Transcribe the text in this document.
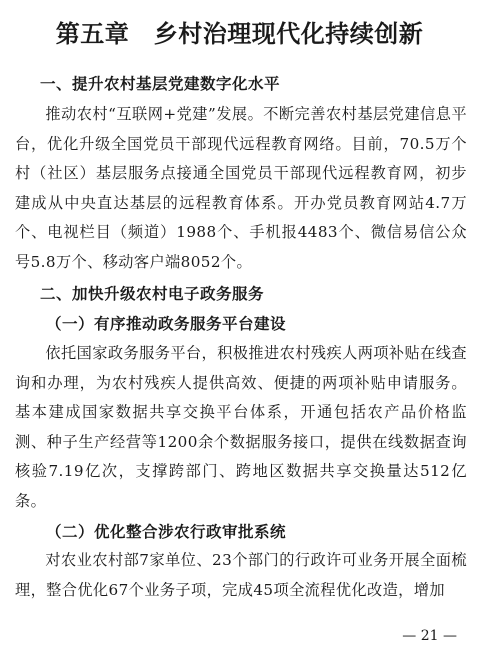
第五章　乡村治理现代化持续创新
一、提升农村基层党建数字化水平

推动农村“互联网+党建”发展。不断完善农村基层党建信息平台，优化升级全国党员干部现代远程教育网络。目前，70.5万个村（社区）基层服务点接通全国党员干部现代远程教育网，初步建成从中央直达基层的远程教育体系。开办党员教育网站4.7万个、电视栏目（频道）1988个、手机报4483个、微信易信公众号5.8万个、移动客户端8052个。

二、加快升级农村电子政务服务
（一）有序推动政务服务平台建设

依托国家政务服务平台，积极推进农村残疾人两项补贴在线查询和办理，为农村残疾人提供高效、便捷的两项补贴申请服务。基本建成国家数据共享交换平台体系，开通包括农产品价格监测、种子生产经营等1200余个数据服务接口，提供在线数据查询核验7.19亿次，支撑跨部门、跨地区数据共享交换量达512亿条。

（二）优化整合涉农行政审批系统

对农业农村部7家单位、23个部门的行政许可业务开展全面梳理，整合优化67个业务子项，完成45项全流程优化改造，增加

— 21 —
